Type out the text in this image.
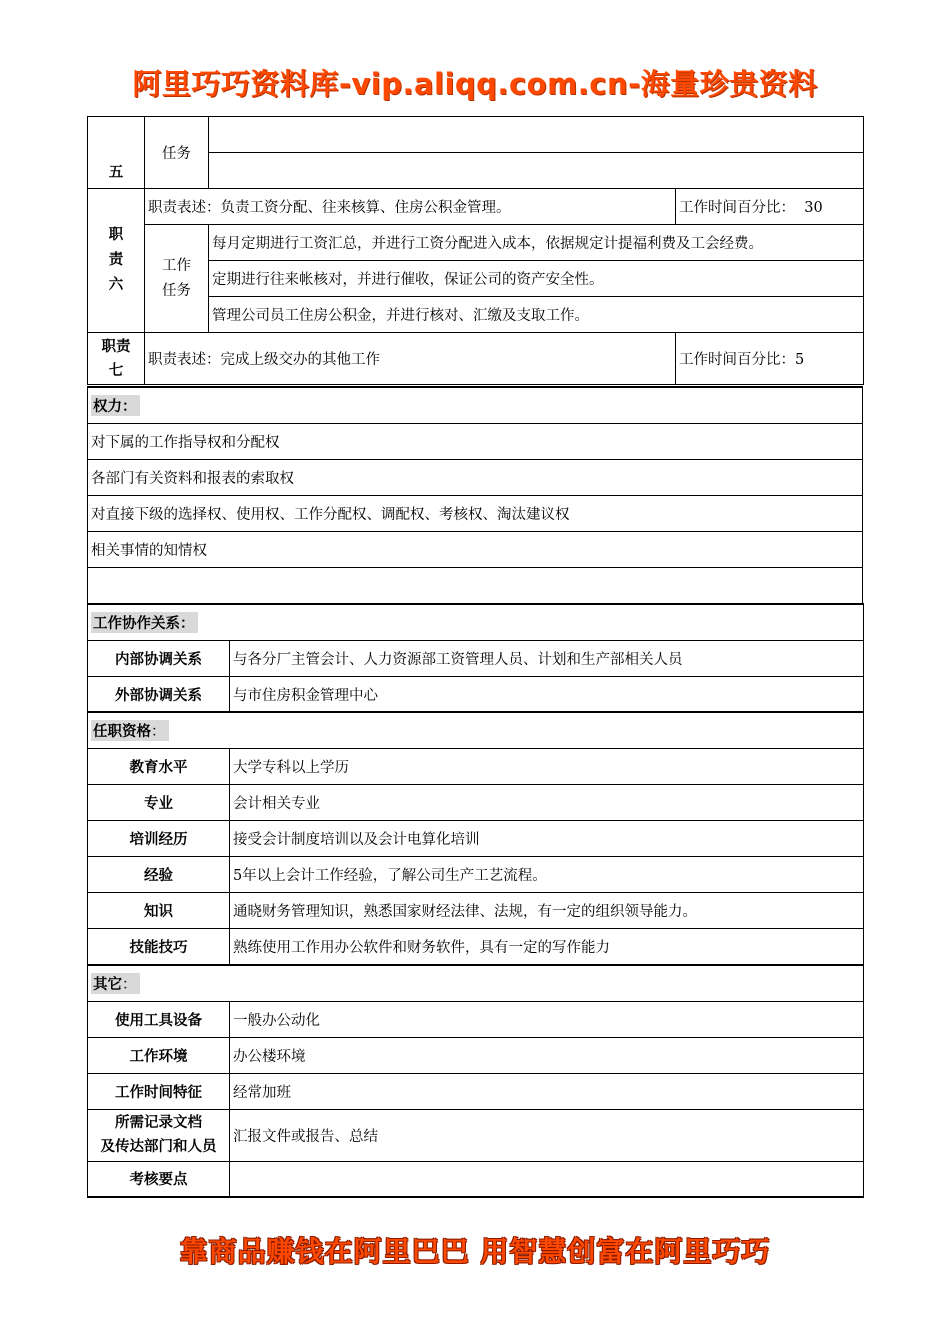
阿里巧巧资料库-vip.aliqq.com.cn-海量珍贵资料
五	任务		

职
责
六	职责表述：负责工资分配、往来核算、住房公积金管理。		工作时间百分比： 30
	工作
任务	每月定期进行工资汇总，并进行工资分配进入成本，依据规定计提福利费及工会经费。	
		定期进行往来帐核对，并进行催收，保证公司的资产安全性。	
		管理公司员工住房公积金，并进行核对、汇缴及支取工作。	
职责
七	职责表述：完成上级交办的其他工作		工作时间百分比：5
权力：
对下属的工作指导权和分配权
各部门有关资料和报表的索取权
对直接下级的选择权、使用权、工作分配权、调配权、考核权、淘汰建议权
相关事情的知情权

工作协作关系：	
内部协调关系	与各分厂主管会计、人力资源部工资管理人员、计划和生产部相关人员
外部协调关系	与市住房积金管理中心
任职资格：	
教育水平	大学专科以上学历
专业	会计相关专业
培训经历	接受会计制度培训以及会计电算化培训
经验	5年以上会计工作经验，了解公司生产工艺流程。
知识	通晓财务管理知识，熟悉国家财经法律、法规，有一定的组织领导能力。
技能技巧	熟练使用工作用办公软件和财务软件，具有一定的写作能力
其它：	
使用工具设备	一般办公动化
工作环境	办公楼环境
工作时间特征	经常加班
所需记录文档
及传达部门和人员	汇报文件或报告、总结
考核要点	
靠商品赚钱在阿里巴巴 用智慧创富在阿里巧巧
